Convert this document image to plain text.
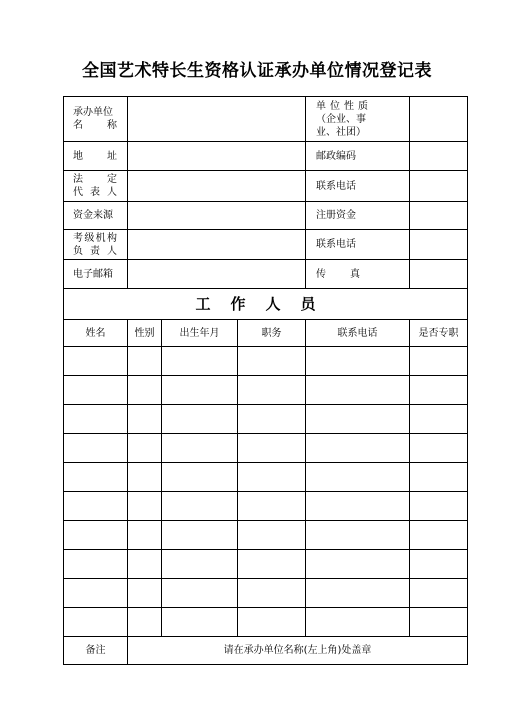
全国艺术特长生资格认证承办单位情况登记表
承办单位
名　称				单位性质
（企业、事
业、社团）	

地　址				邮政编码	

法　定
代表人				联系电话	
资金来源				注册资金	

考级机构
负责人				联系电话	
电子邮箱				传　真	

工作人员					
姓名	性别	出生年月	职务	联系电话	是否专职

备注	请在承办单位名称(左上角)处盖章				
